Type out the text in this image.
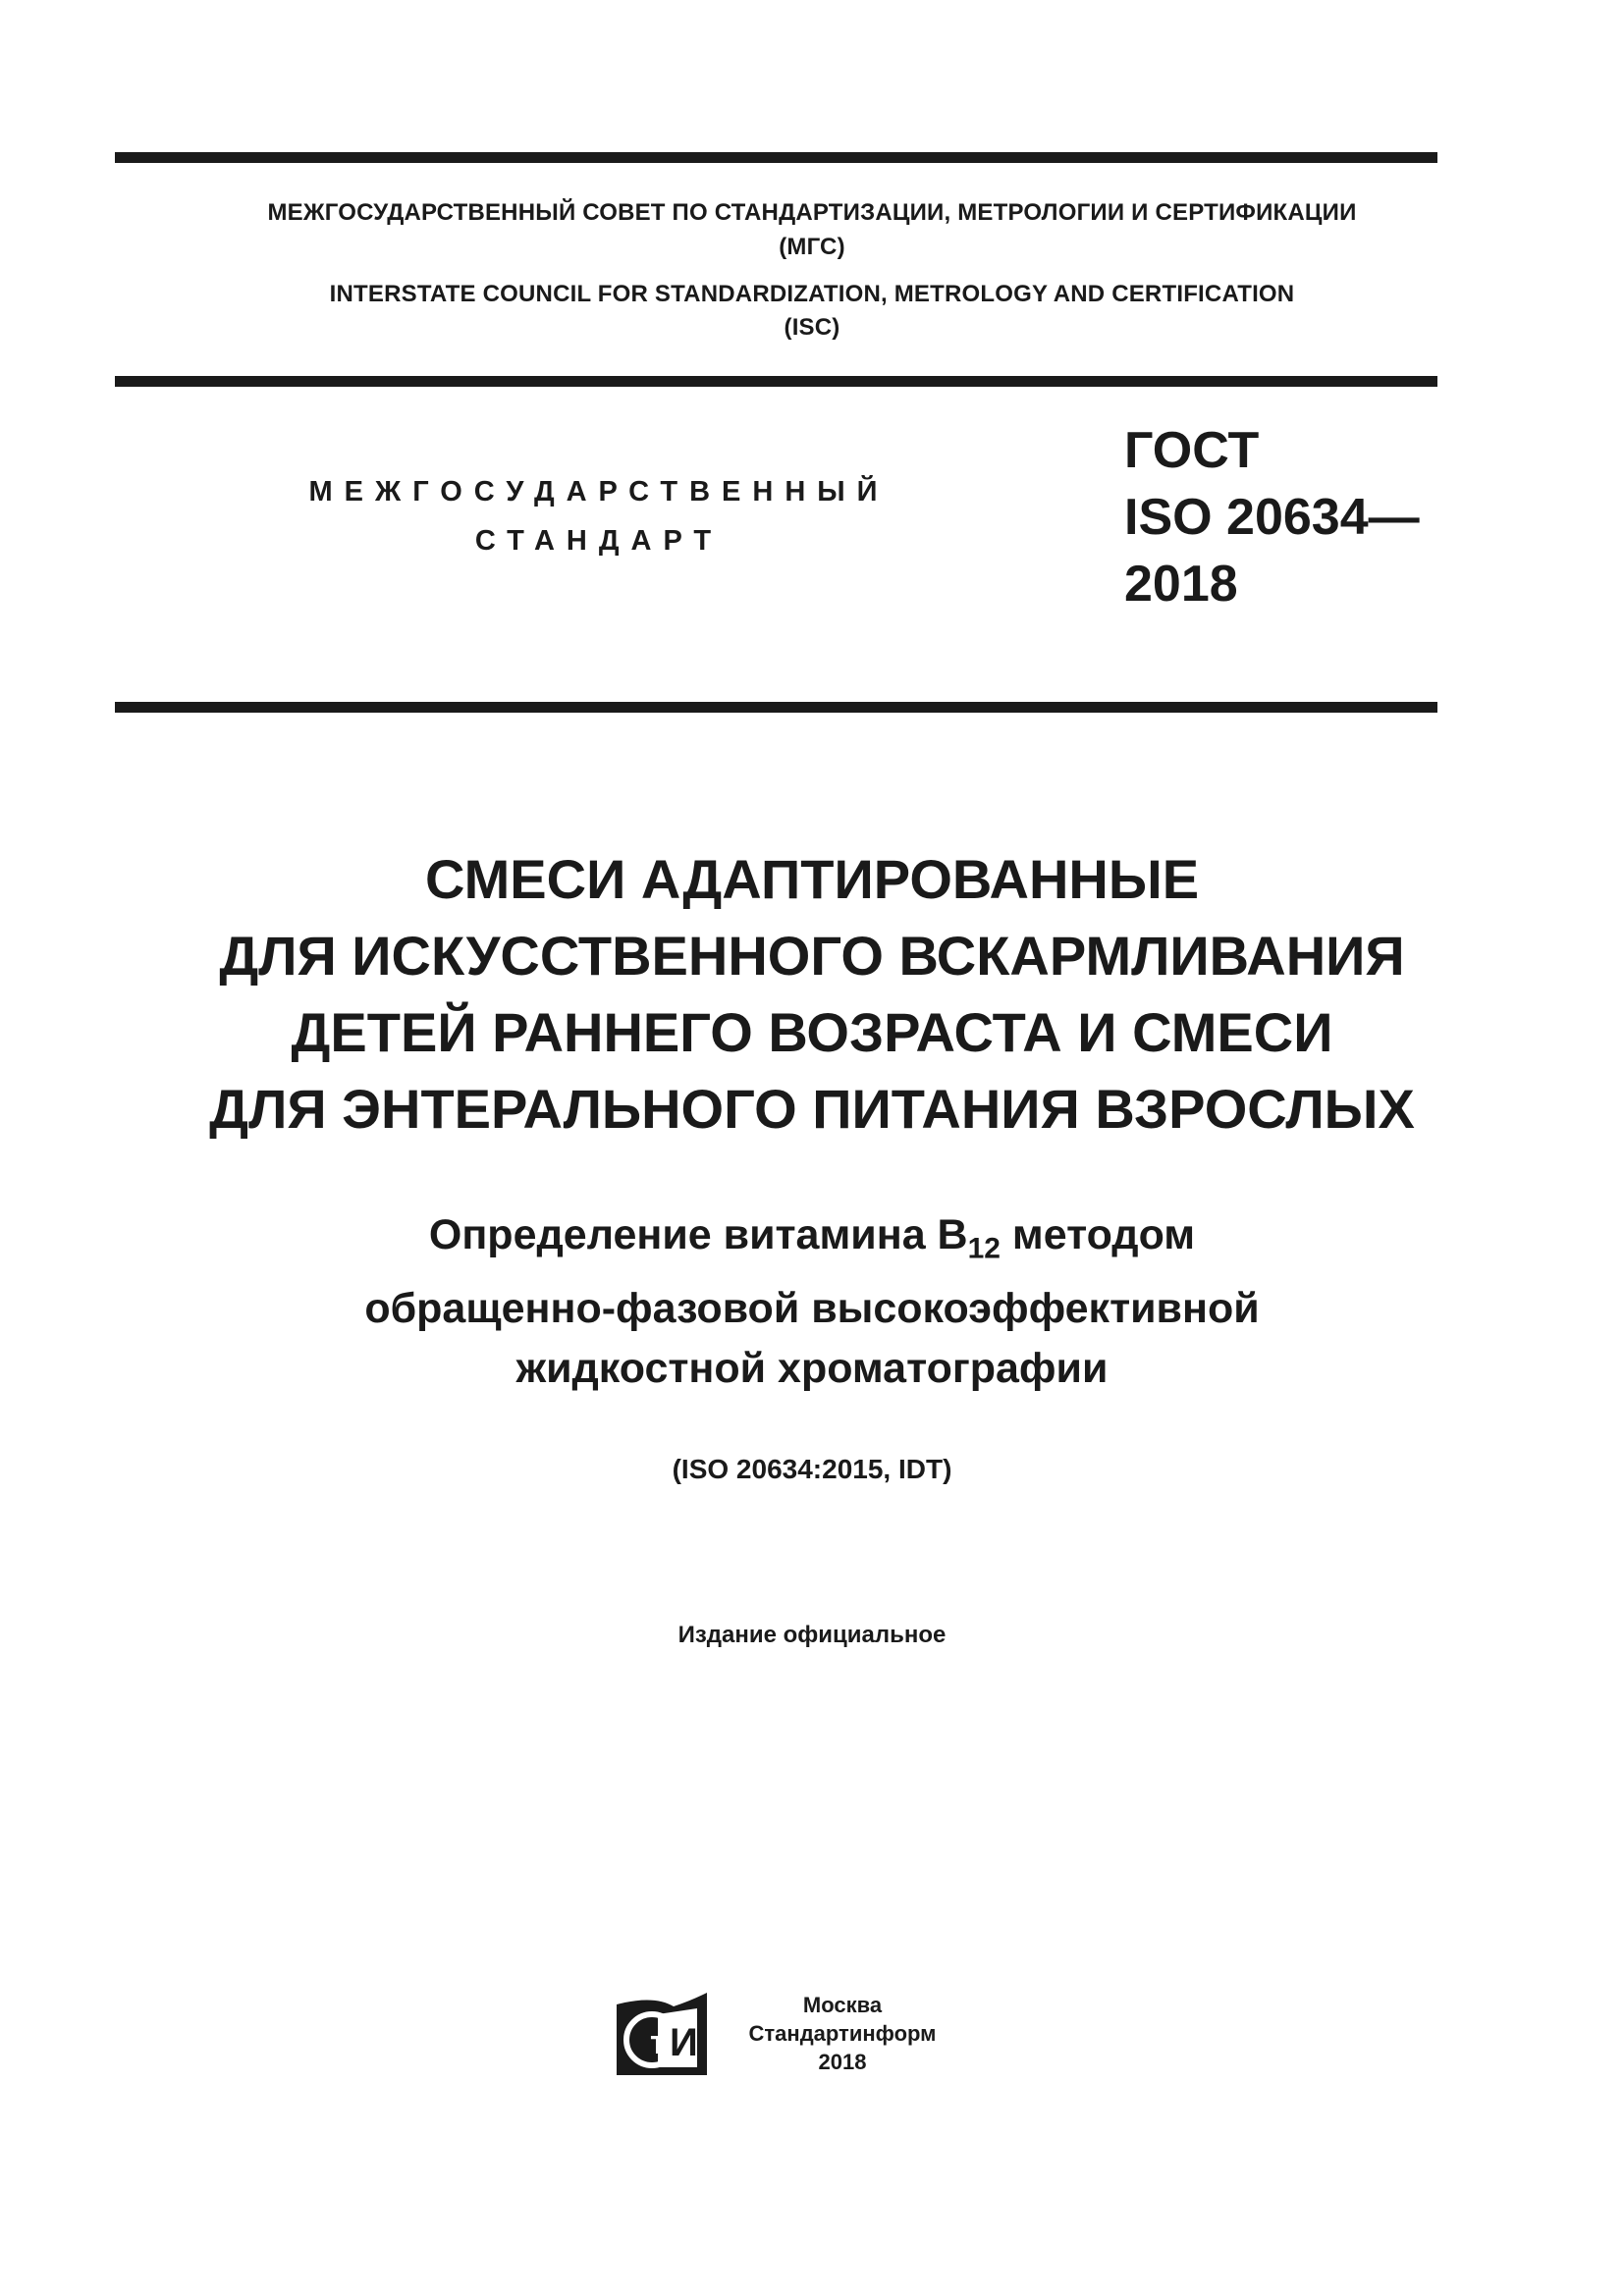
МЕЖГОСУДАРСТВЕННЫЙ СОВЕТ ПО СТАНДАРТИЗАЦИИ, МЕТРОЛОГИИ И СЕРТИФИКАЦИИ
(МГС)
INTERSTATE COUNCIL FOR STANDARDIZATION, METROLOGY AND CERTIFICATION
(ISC)
МЕЖГОСУДАРСТВЕННЫЙ
СТАНДАРТ
ГОСТ
ISO 20634—
2018
СМЕСИ АДАПТИРОВАННЫЕ
ДЛЯ ИСКУССТВЕННОГО ВСКАРМЛИВАНИЯ
ДЕТЕЙ РАННЕГО ВОЗРАСТА И СМЕСИ
ДЛЯ ЭНТЕРАЛЬНОГО ПИТАНИЯ ВЗРОСЛЫХ
Определение витамина $B_{12}$ методом
обращенно-фазовой высокоэффективной
жидкостной хроматографии
(ISO 20634:2015, IDT)
Издание официальное
т И
Москва
Стандартинформ
2018
